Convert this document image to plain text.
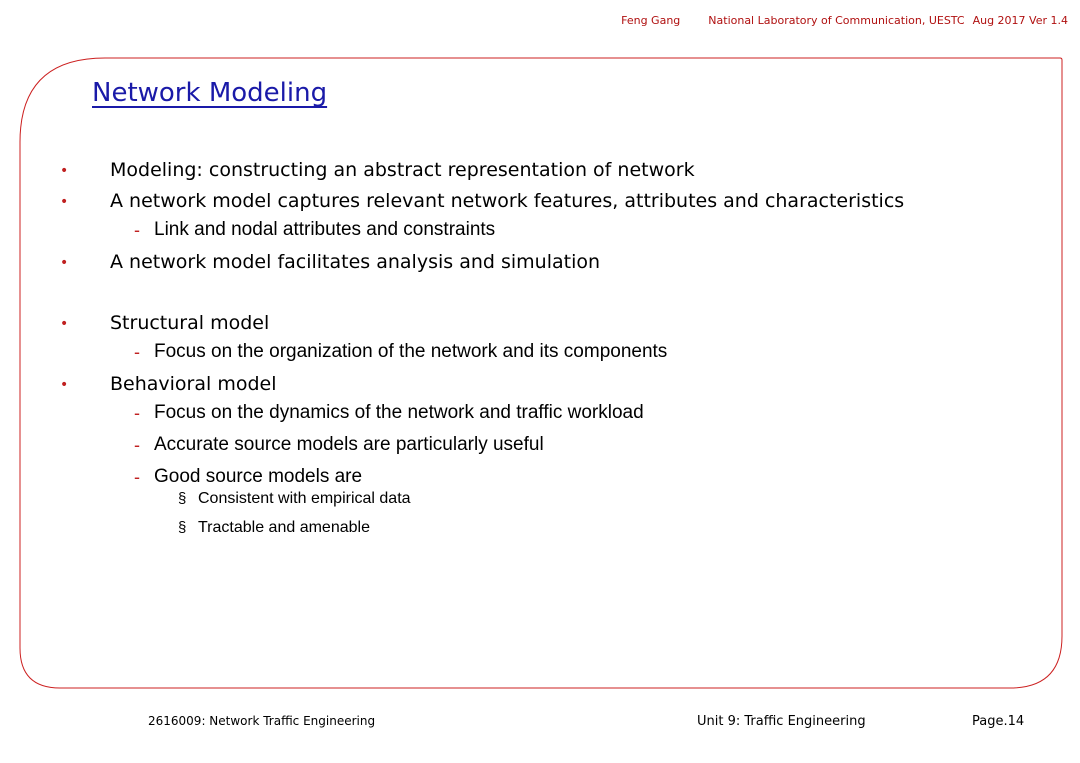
Feng Gang	National Laboratory of Communication, UESTC Aug 2017 Ver 1.4
Network Modeling
• Modeling: constructing an abstract representation of network
• A network model captures relevant network features, attributes and characteristics
- Link and nodal attributes and constraints
• A network model facilitates analysis and simulation
• Structural model
- Focus on the organization of the network and its components
• Behavioral model
- Focus on the dynamics of the network and traffic workload
- Accurate source models are particularly useful
- Good source models are
§ Consistent with empirical data
§ Tractable and amenable
2616009: Network Traffic Engineering	Unit 9: Traffic Engineering	Page.14
